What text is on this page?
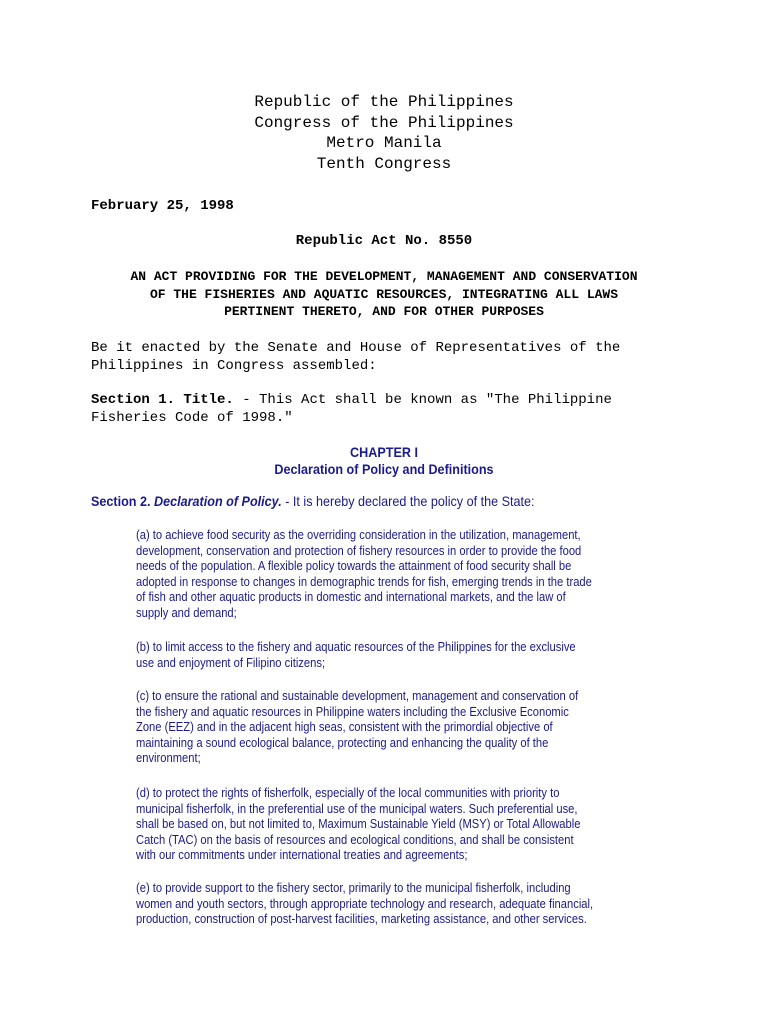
Republic of the Philippines
Congress of the Philippines
Metro Manila
Tenth Congress
February 25, 1998
Republic Act No. 8550
AN ACT PROVIDING FOR THE DEVELOPMENT, MANAGEMENT AND CONSERVATION
OF THE FISHERIES AND AQUATIC RESOURCES, INTEGRATING ALL LAWS
PERTINENT THERETO, AND FOR OTHER PURPOSES
Be it enacted by the Senate and House of Representatives of the
Philippines in Congress assembled:
Section 1. Title. - This Act shall be known as "The Philippine
Fisheries Code of 1998."
CHAPTER I
Declaration of Policy and Definitions
Section 2. Declaration of Policy. - It is hereby declared the policy of the State:
(a) to achieve food security as the overriding consideration in the utilization, management,
development, conservation and protection of fishery resources in order to provide the food
needs of the population. A flexible policy towards the attainment of food security shall be
adopted in response to changes in demographic trends for fish, emerging trends in the trade
of fish and other aquatic products in domestic and international markets, and the law of
supply and demand;
(b) to limit access to the fishery and aquatic resources of the Philippines for the exclusive
use and enjoyment of Filipino citizens;
(c) to ensure the rational and sustainable development, management and conservation of
the fishery and aquatic resources in Philippine waters including the Exclusive Economic
Zone (EEZ) and in the adjacent high seas, consistent with the primordial objective of
maintaining a sound ecological balance, protecting and enhancing the quality of the
environment;
(d) to protect the rights of fisherfolk, especially of the local communities with priority to
municipal fisherfolk, in the preferential use of the municipal waters. Such preferential use,
shall be based on, but not limited to, Maximum Sustainable Yield (MSY) or Total Allowable
Catch (TAC) on the basis of resources and ecological conditions, and shall be consistent
with our commitments under international treaties and agreements;
(e) to provide support to the fishery sector, primarily to the municipal fisherfolk, including
women and youth sectors, through appropriate technology and research, adequate financial,
production, construction of post-harvest facilities, marketing assistance, and other services.
